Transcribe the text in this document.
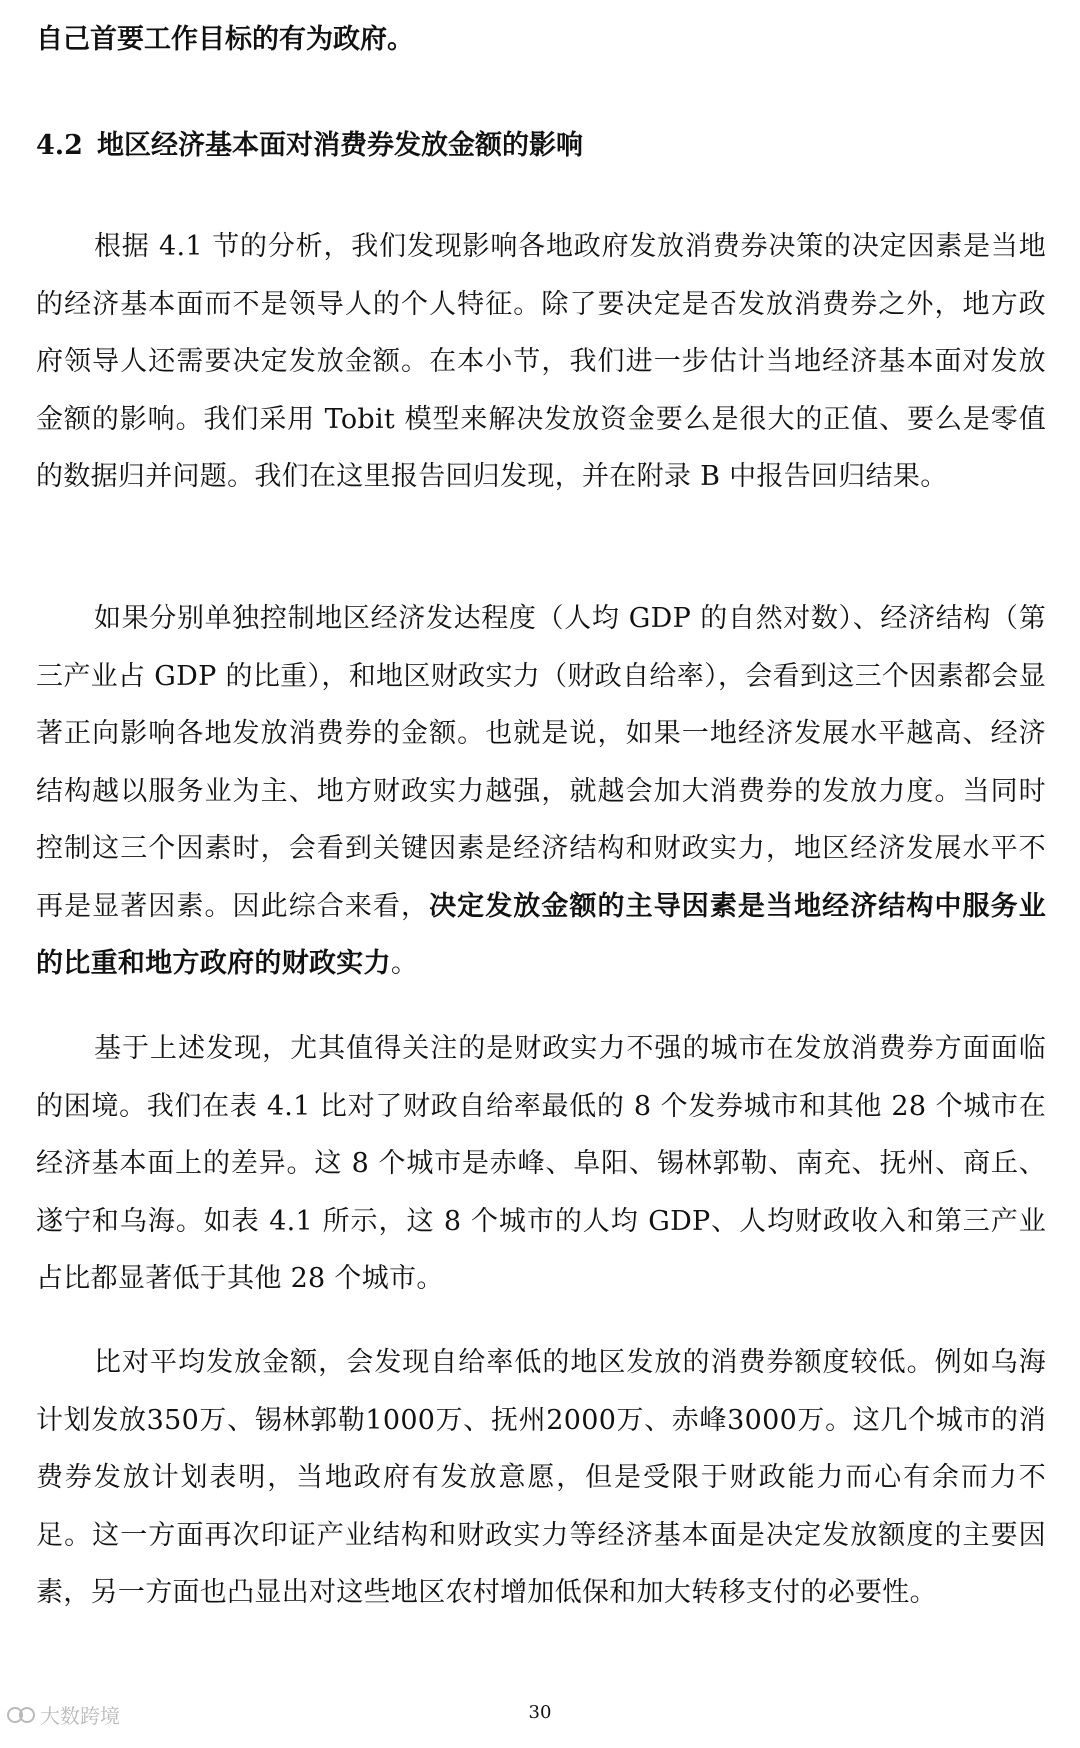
自己首要工作目标的有为政府。

4.2 地区经济基本面对消费券发放金额的影响

根据 4.1 节的分析，我们发现影响各地政府发放消费券决策的决定因素是当地的经济基本面而不是领导人的个人特征。除了要决定是否发放消费券之外，地方政府领导人还需要决定发放金额。在本小节，我们进一步估计当地经济基本面对发放金额的影响。我们采用 Tobit 模型来解决发放资金要么是很大的正值、要么是零值的数据归并问题。我们在这里报告回归发现，并在附录 B 中报告回归结果。

如果分别单独控制地区经济发达程度（人均 GDP 的自然对数）、经济结构（第三产业占 GDP 的比重），和地区财政实力（财政自给率），会看到这三个因素都会显著正向影响各地发放消费券的金额。也就是说，如果一地经济发展水平越高、经济结构越以服务业为主、地方财政实力越强，就越会加大消费券的发放力度。当同时控制这三个因素时，会看到关键因素是经济结构和财政实力，地区经济发展水平不再是显著因素。因此综合来看，决定发放金额的主导因素是当地经济结构中服务业的比重和地方政府的财政实力。

基于上述发现，尤其值得关注的是财政实力不强的城市在发放消费券方面面临的困境。我们在表 4.1 比对了财政自给率最低的 8 个发券城市和其他 28 个城市在经济基本面上的差异。这 8 个城市是赤峰、阜阳、锡林郭勒、南充、抚州、商丘、遂宁和乌海。如表 4.1 所示，这 8 个城市的人均 GDP、人均财政收入和第三产业占比都显著低于其他 28 个城市。

比对平均发放金额，会发现自给率低的地区发放的消费券额度较低。例如乌海计划发放350万、锡林郭勒1000万、抚州2000万、赤峰3000万。这几个城市的消费券发放计划表明，当地政府有发放意愿，但是受限于财政能力而心有余而力不足。这一方面再次印证产业结构和财政实力等经济基本面是决定发放额度的主要因素，另一方面也凸显出对这些地区农村增加低保和加大转移支付的必要性。

30
大数跨境
